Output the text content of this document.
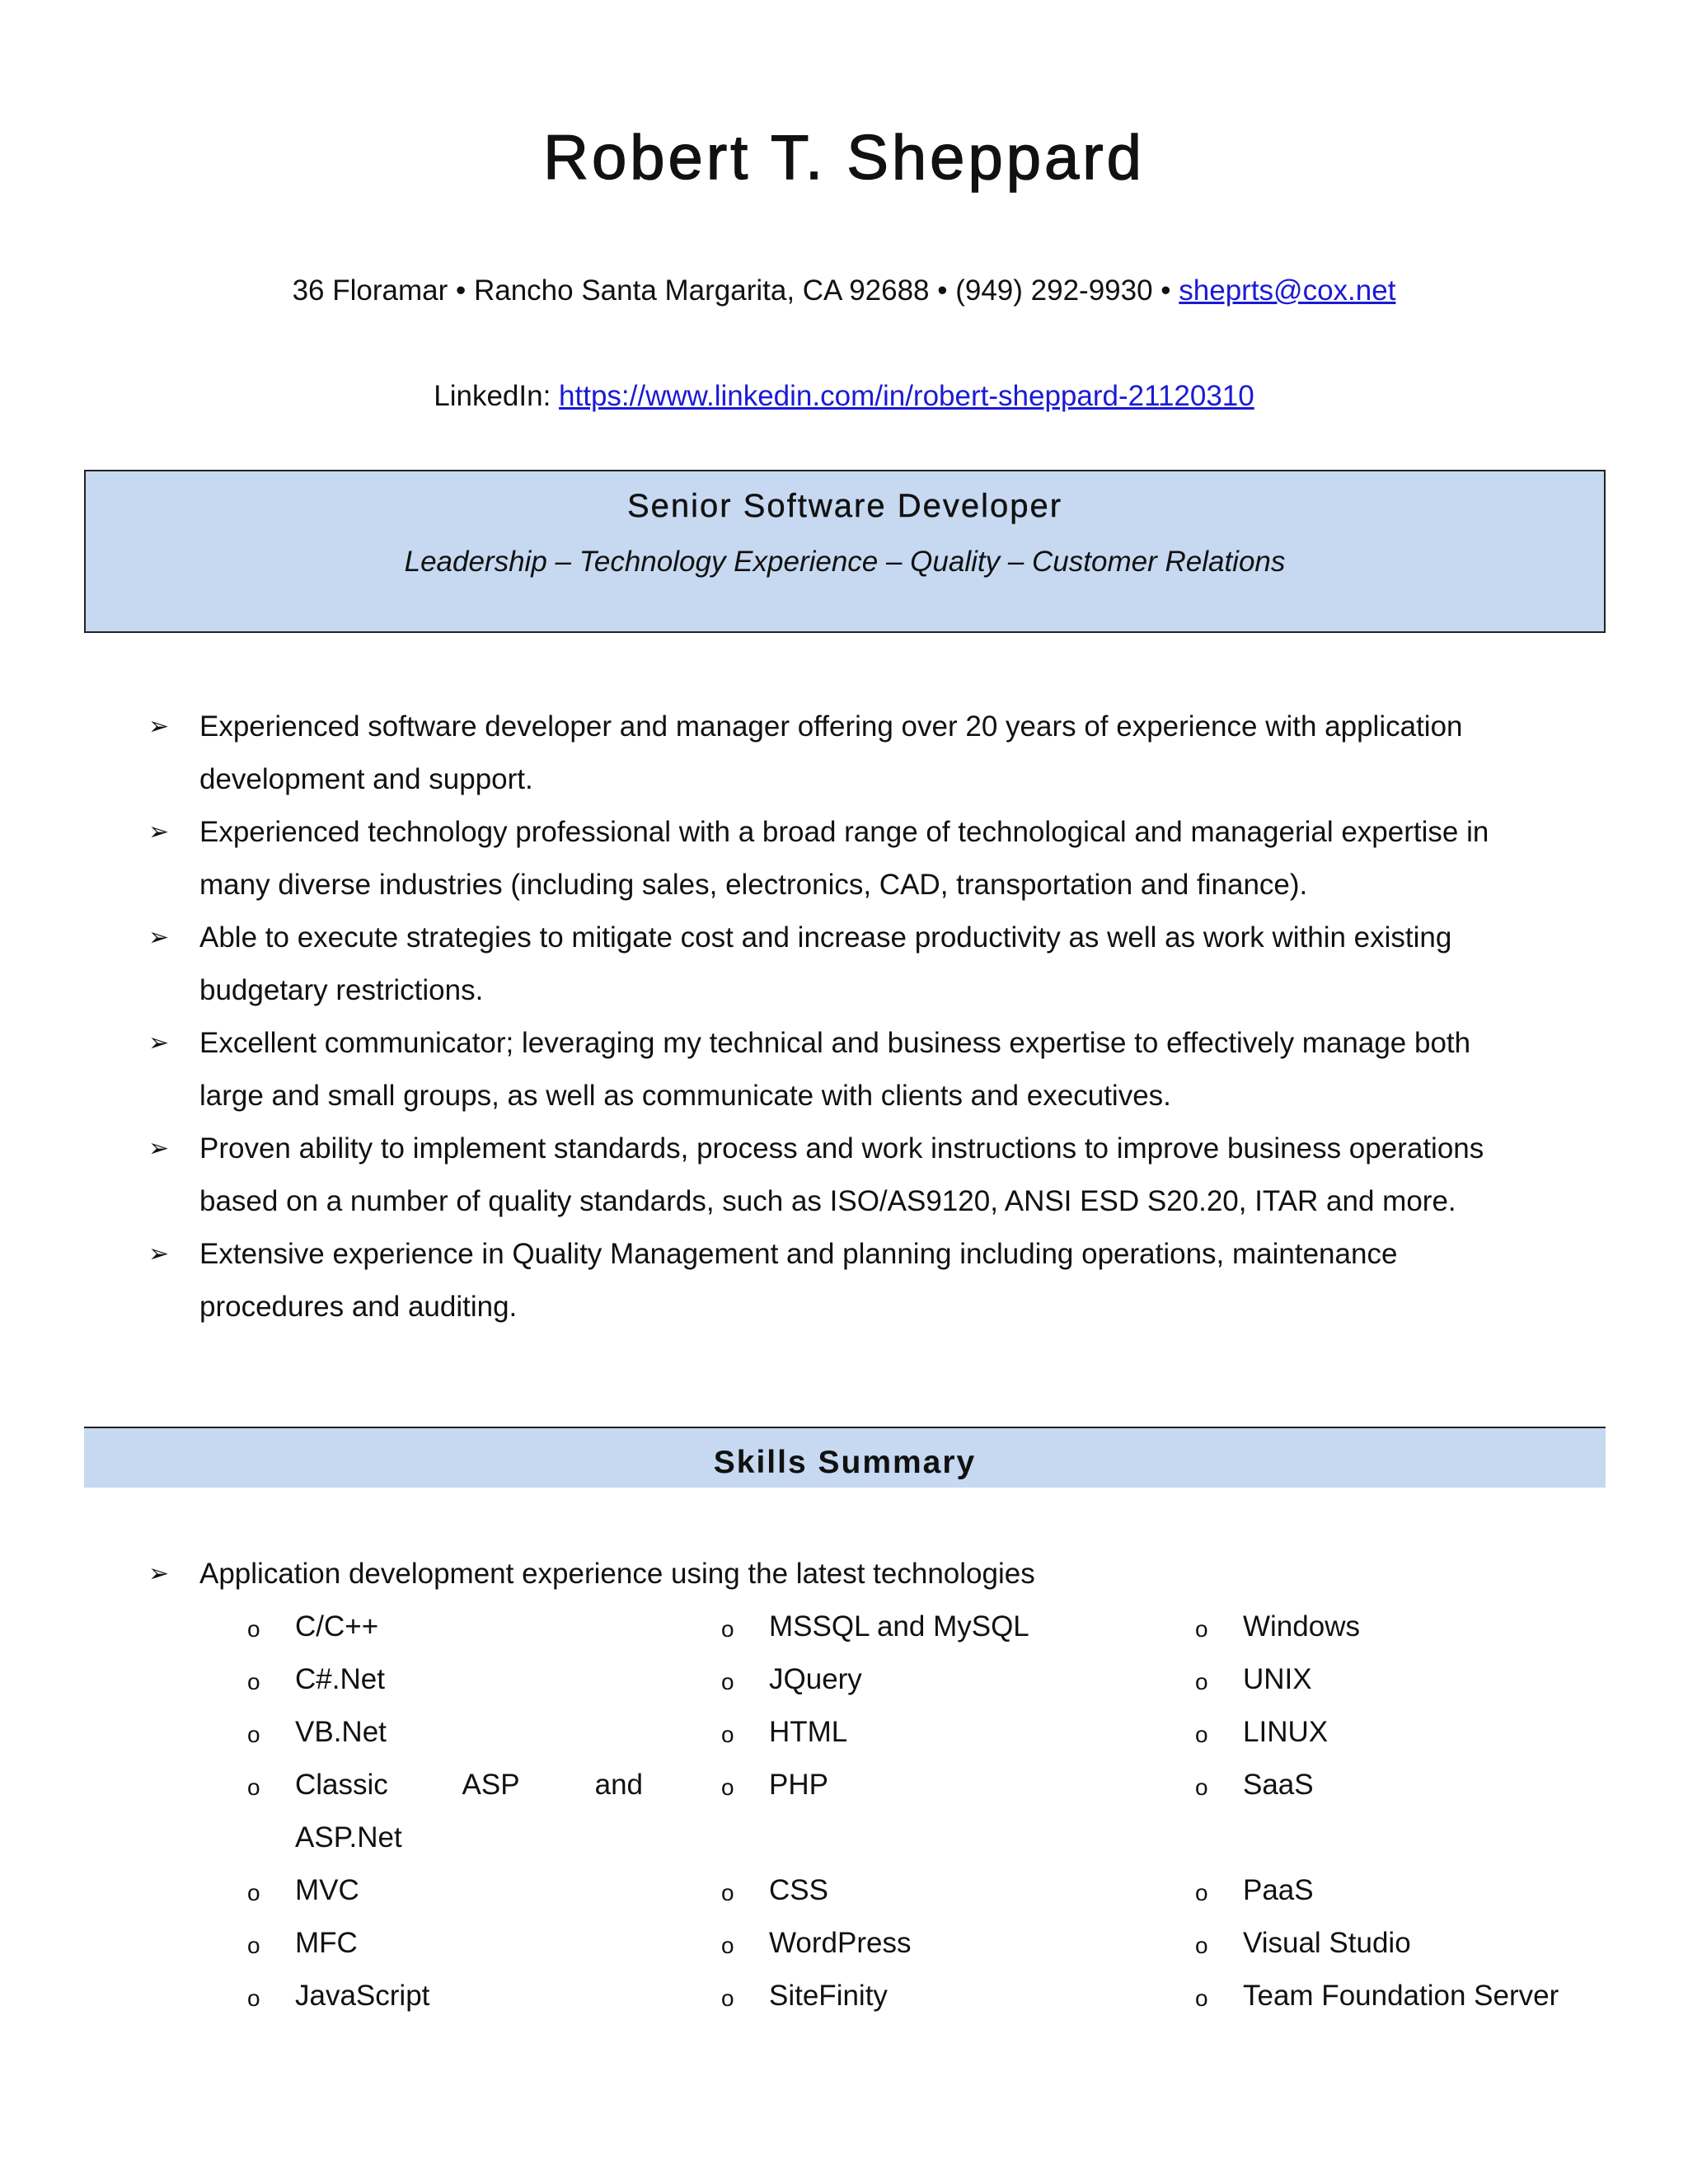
Robert T. Sheppard
36 Floramar • Rancho Santa Margarita, CA 92688 • (949) 292-9930 • sheprts@cox.net
LinkedIn: https://www.linkedin.com/in/robert-sheppard-21120310
Senior Software Developer
Leadership – Technology Experience – Quality – Customer Relations
➢ Experienced software developer and manager offering over 20 years of experience with application
development and support.
➢ Experienced technology professional with a broad range of technological and managerial expertise in
many diverse industries (including sales, electronics, CAD, transportation and finance).
➢ Able to execute strategies to mitigate cost and increase productivity as well as work within existing
budgetary restrictions.
➢ Excellent communicator; leveraging my technical and business expertise to effectively manage both
large and small groups, as well as communicate with clients and executives.
➢ Proven ability to implement standards, process and work instructions to improve business operations
based on a number of quality standards, such as ISO/AS9120, ANSI ESD S20.20, ITAR and more.
➢ Extensive experience in Quality Management and planning including operations, maintenance
procedures and auditing.
Skills Summary
➢ Application development experience using the latest technologies
o C/C++
o C#.Net
o VB.Net
o Classic ASP and
ASP.Net
o MVC
o MFC
o JavaScript
o MSSQL and MySQL
o JQuery
o HTML
o PHP
o CSS
o WordPress
o SiteFinity
o Windows
o UNIX
o LINUX
o SaaS
o PaaS
o Visual Studio
o Team Foundation Server
